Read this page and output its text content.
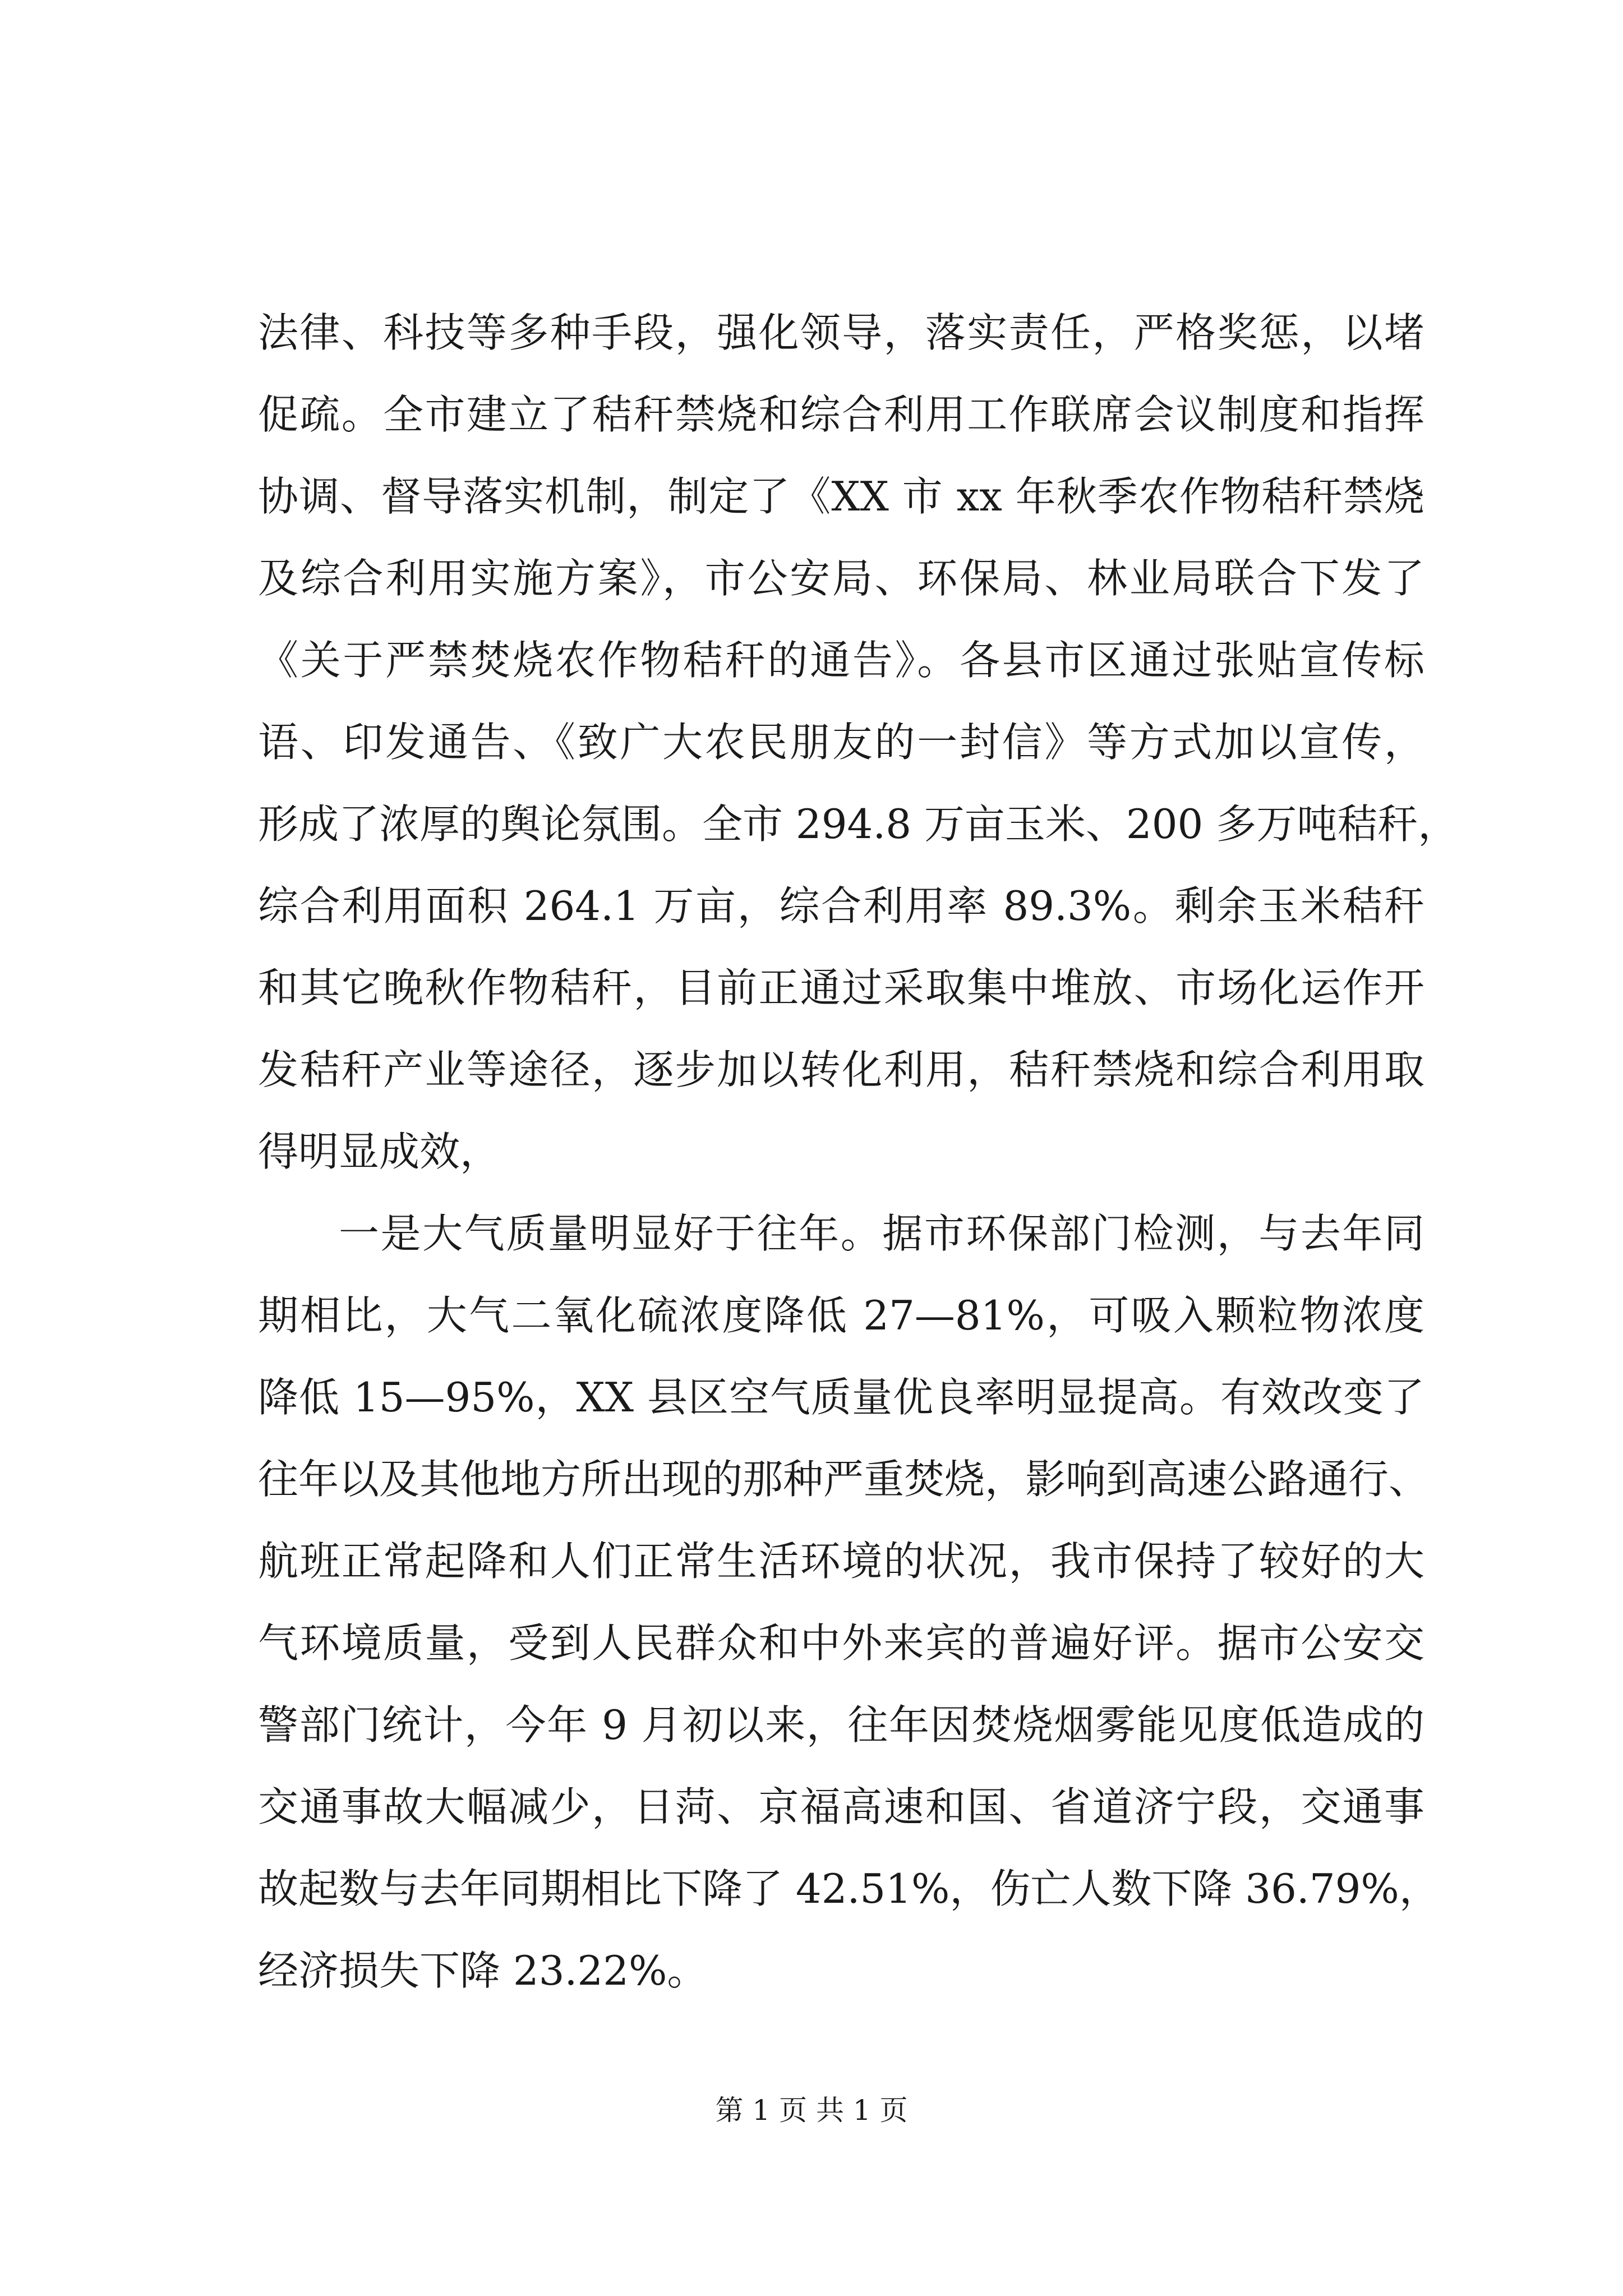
法律、科技等多种手段，强化领导，落实责任，严格奖惩，以堵
促疏。全市建立了秸秆禁烧和综合利用工作联席会议制度和指挥
协调、督导落实机制，制定了《XX 市 xx 年秋季农作物秸秆禁烧
及综合利用实施方案》，市公安局、环保局、林业局联合下发了
《关于严禁焚烧农作物秸秆的通告》。各县市区通过张贴宣传标
语、印发通告、《致广大农民朋友的一封信》等方式加以宣传，
形成了浓厚的舆论氛围。全市 294.8 万亩玉米、200 多万吨秸秆，
综合利用面积 264.1 万亩，综合利用率 89.3%。剩余玉米秸秆
和其它晚秋作物秸秆，目前正通过采取集中堆放、市场化运作开
发秸秆产业等途径，逐步加以转化利用，秸秆禁烧和综合利用取
得明显成效，
一是大气质量明显好于往年。据市环保部门检测，与去年同
期相比，大气二氧化硫浓度降低 27—81%，可吸入颗粒物浓度
降低 15—95%，XX 县区空气质量优良率明显提高。有效改变了
往年以及其他地方所出现的那种严重焚烧，影响到高速公路通行、
航班正常起降和人们正常生活环境的状况，我市保持了较好的大
气环境质量，受到人民群众和中外来宾的普遍好评。据市公安交
警部门统计，今年 9 月初以来，往年因焚烧烟雾能见度低造成的
交通事故大幅减少，日菏、京福高速和国、省道济宁段，交通事
故起数与去年同期相比下降了 42.51%，伤亡人数下降 36.79%，
经济损失下降 23.22%。
第 1 页 共 1 页
